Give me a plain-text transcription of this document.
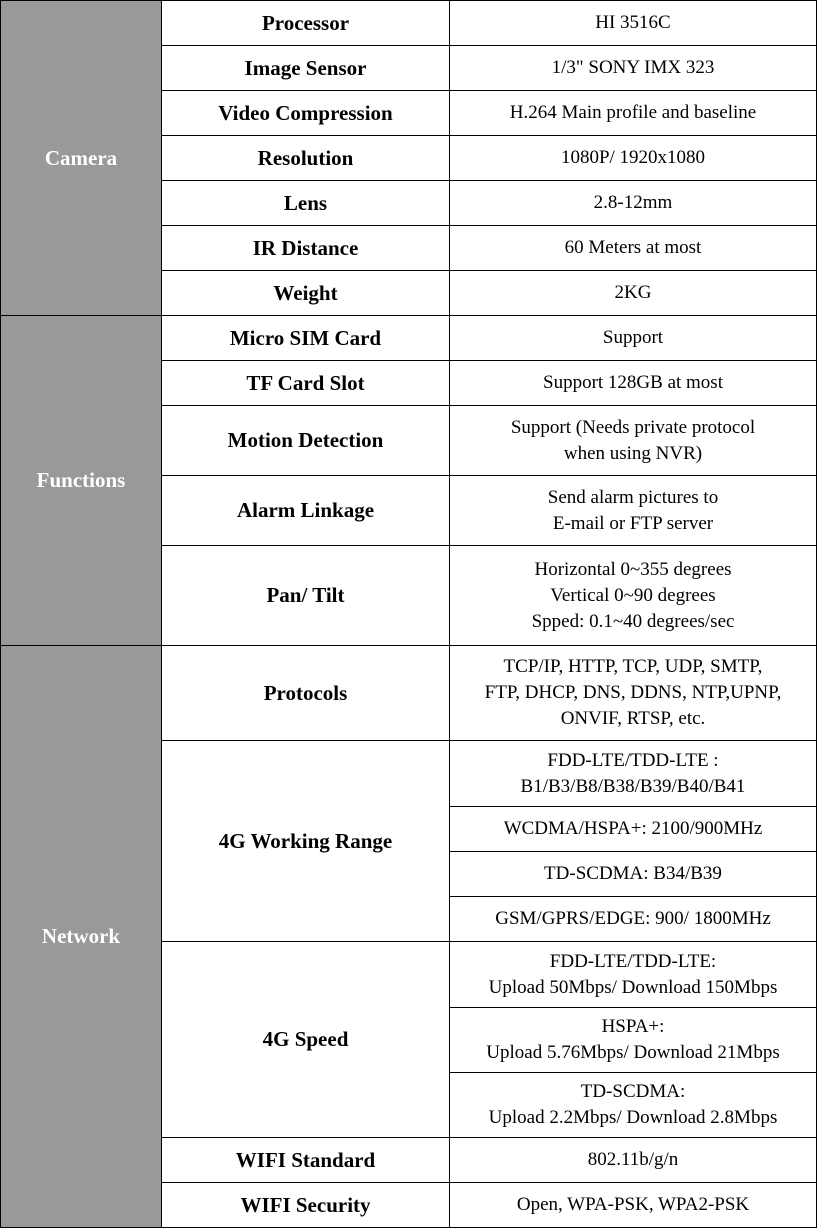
Camera	Processor	HI 3516C
	Image Sensor	1/3" SONY IMX 323
	Video Compression	H.264 Main profile and baseline
	Resolution	1080P/ 1920x1080
	Lens	2.8-12mm
	IR Distance	60 Meters at most
	Weight	2KG
Functions	Micro SIM Card	Support

	TF Card Slot	Support 128GB at most

	Motion Detection	Support (Needs private protocol
when using NVR)

	Alarm Linkage	Send alarm pictures to
E-mail or FTP server

	Pan/ Tilt	Horizontal 0~355 degrees
Vertical 0~90 degrees
Spped: 0.1~40 degrees/sec

Network	Protocols	TCP/IP, HTTP, TCP, UDP, SMTP,
FTP, DHCP, DNS, DDNS, NTP,UPNP,
ONVIF, RTSP, etc.

	4G Working Range	FDD-LTE/TDD-LTE :
B1/B3/B8/B38/B39/B40/B41

		WCDMA/HSPA+: 2100/900MHz

		TD-SCDMA: B34/B39

		GSM/GPRS/EDGE: 900/ 1800MHz

	4G Speed	FDD-LTE/TDD-LTE:
Upload 50Mbps/ Download 150Mbps

		HSPA+:
Upload 5.76Mbps/ Download 21Mbps

		TD-SCDMA:
Upload 2.2Mbps/ Download 2.8Mbps

	WIFI Standard	802.11b/g/n
	WIFI Security	Open, WPA-PSK, WPA2-PSK
